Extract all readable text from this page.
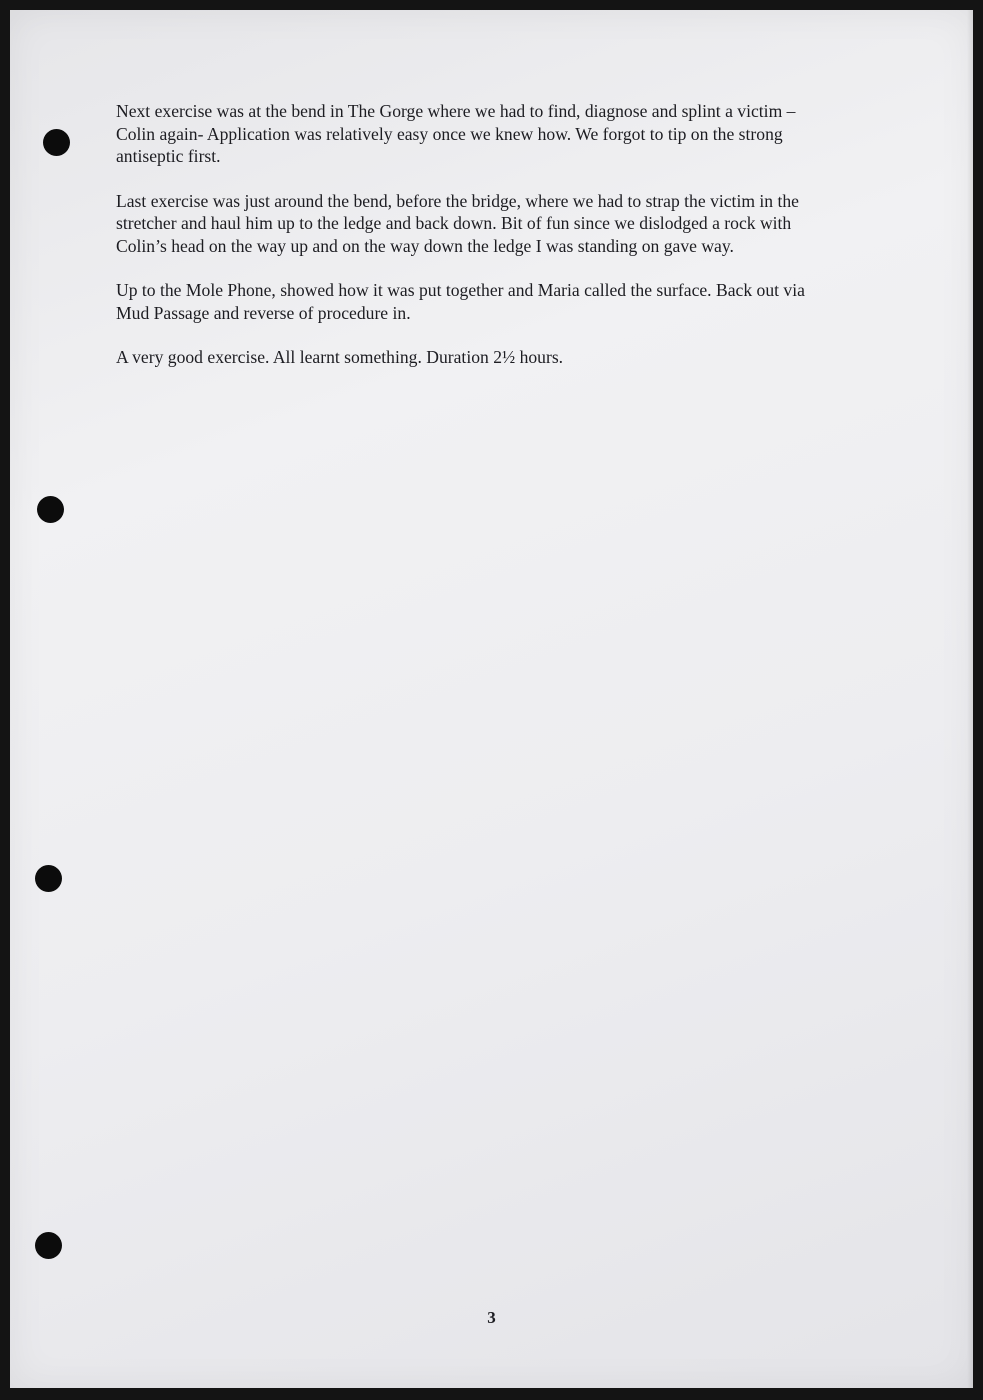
Next exercise was at the bend in The Gorge where we had to find, diagnose and splint a victim –
Colin again- Application was relatively easy once we knew how. We forgot to tip on the strong
antiseptic first.

Last exercise was just around the bend, before the bridge, where we had to strap the victim in the
stretcher and haul him up to the ledge and back down. Bit of fun since we dislodged a rock with
Colin’s head on the way up and on the way down the ledge I was standing on gave way.

Up to the Mole Phone, showed how it was put together and Maria called the surface. Back out via
Mud Passage and reverse of procedure in.

A very good exercise. All learnt something. Duration 2½ hours.

3
